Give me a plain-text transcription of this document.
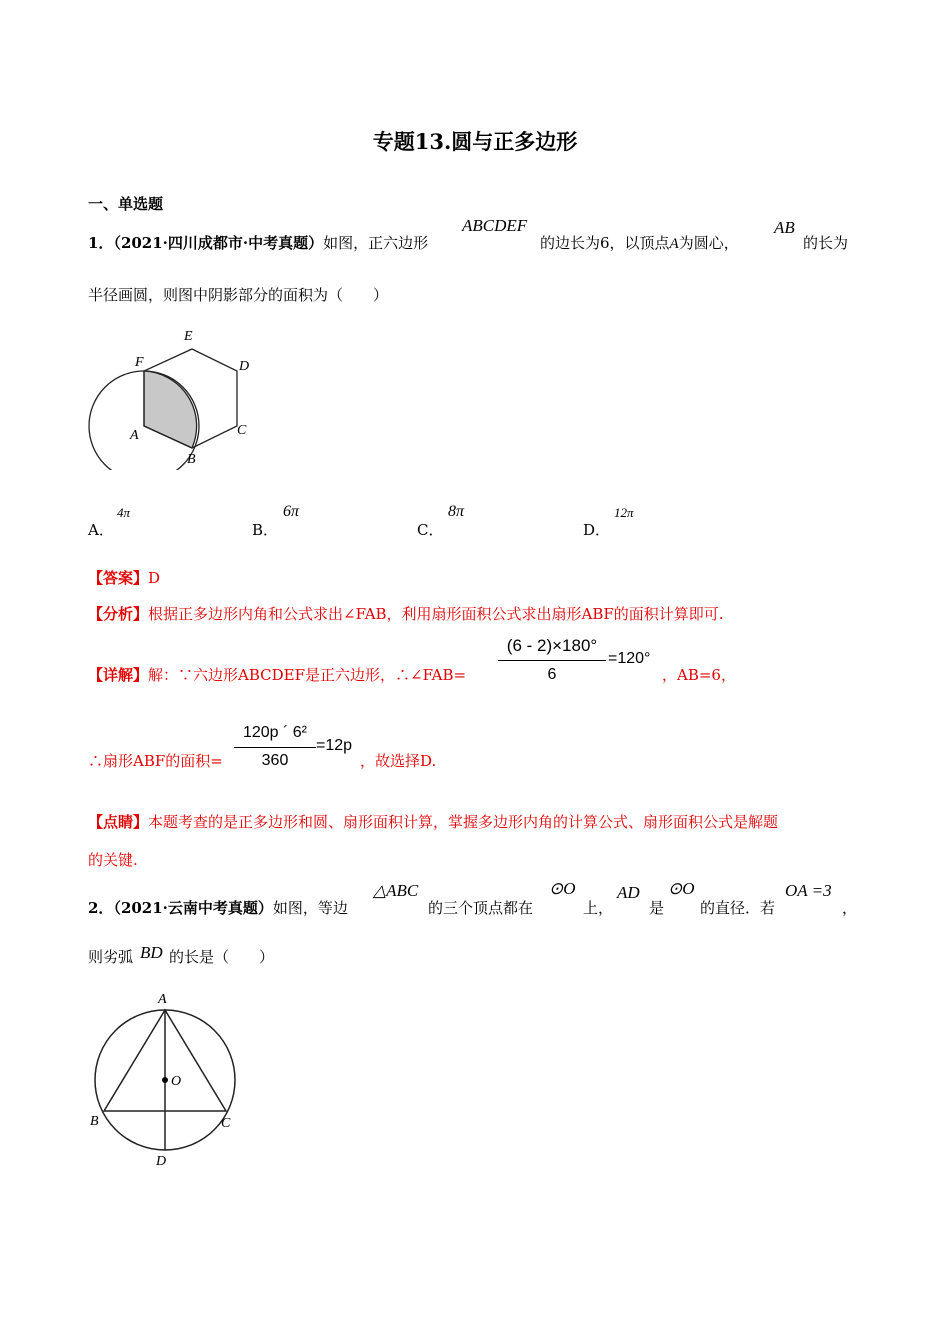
专题13.圆与正多边形
一、单选题
1．（2021·四川成都市·中考真题）如图，正六边形
ABCDEF
的边长为6，以顶点A为圆心，
AB
的长为
半径画圆，则图中阴影部分的面积为（　　）
E
F	D
C
A
B
A．
4π
B．
6π
C．
8π
D．
12π
【答案】D
【分析】根据正多边形内角和公式求出∠FAB，利用扇形面积公式求出扇形ABF的面积计算即可.
【详解】解：∵六边形ABCDEF是正六边形，∴∠FAB=
(6 - 2)×180°
6
=120°
，AB=6，
∴扇形ABF的面积=
120p ´ 6²
360
=12p
，故选择D.
【点睛】本题考查的是正多边形和圆、扇形面积计算，掌握多边形内角的计算公式、扇形面积公式是解题
的关键.
2．（2021·云南中考真题）如图，等边
△ABC
的三个顶点都在
⊙O
上，
AD
是
⊙O
的直径．若
OA =3
，
则劣弧 BD 的长是（　　）
A
O
B	C
D
